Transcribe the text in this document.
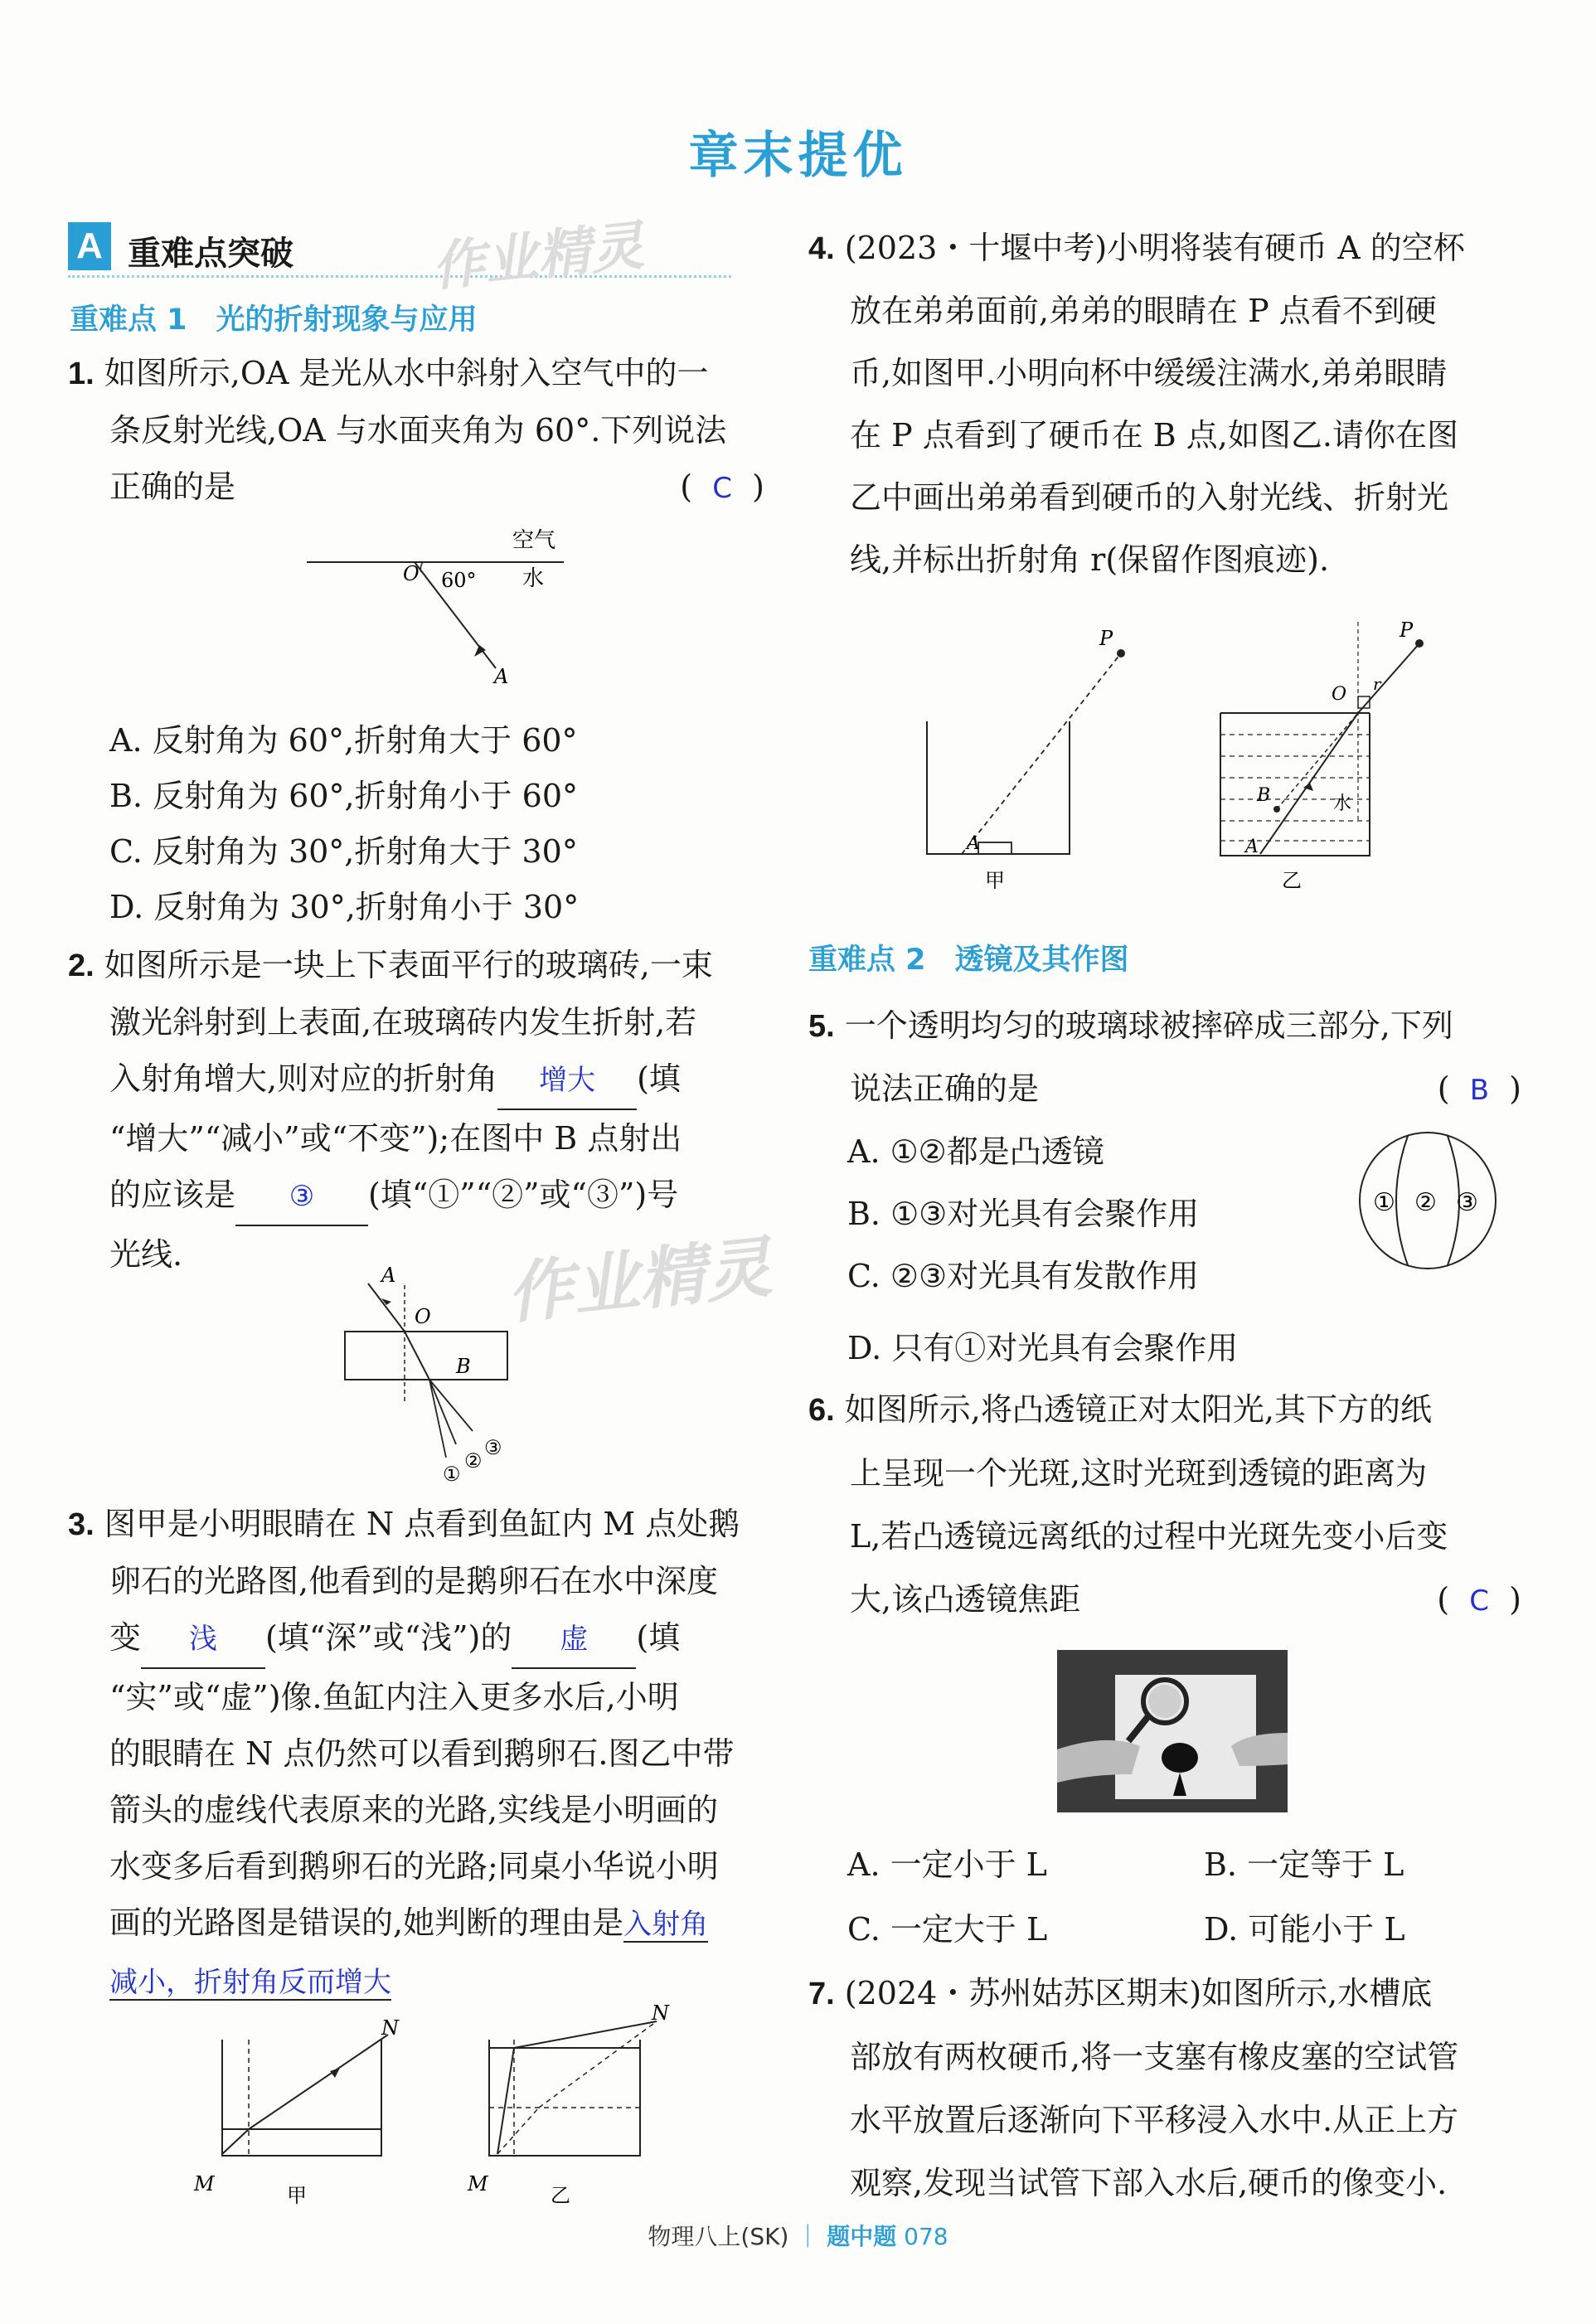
章末提优
A 重难点突破	作业精灵
重难点 1　光的折射现象与应用
1. 如图所示,OA 是光从水中斜射入空气中的一
条反射光线,OA 与水面夹角为 60°.下列说法
正确的是	(  C  )
空气
水
O 60°
A
A. 反射角为 60°,折射角大于 60°
B. 反射角为 60°,折射角小于 60°
C. 反射角为 30°,折射角大于 30°
D. 反射角为 30°,折射角小于 30°
2. 如图所示是一块上下表面平行的玻璃砖,一束
激光斜射到上表面,在玻璃砖内发生折射,若
入射角增大,则对应的折射角 增大 (填
“增大”“减小”或“不变”);在图中 B 点射出
的应该是 ③ (填“①”“②”或“③”)号
光线.	作业精灵
A
O
B
①
②
③
3. 图甲是小明眼睛在 N 点看到鱼缸内 M 点处鹅
卵石的光路图,他看到的是鹅卵石在水中深度
变 浅 (填“深”或“浅”)的 虚 (填
“实”或“虚”)像.鱼缸内注入更多水后,小明
的眼睛在 N 点仍然可以看到鹅卵石.图乙中带
箭头的虚线代表原来的光路,实线是小明画的
水变多后看到鹅卵石的光路;同桌小华说小明
画的光路图是错误的,她判断的理由是入射角
减小，折射角反而增大
N
M	甲
N
M	乙
4. (2023・十堰中考)小明将装有硬币 A 的空杯
放在弟弟面前,弟弟的眼睛在 P 点看不到硬
币,如图甲.小明向杯中缓缓注满水,弟弟眼睛
在 P 点看到了硬币在 B 点,如图乙.请你在图
乙中画出弟弟看到硬币的入射光线、折射光
线,并标出折射角 r(保留作图痕迹).
P
A
甲
P
O r
B	水
A
乙
重难点 2　透镜及其作图
5. 一个透明均匀的玻璃球被摔碎成三部分,下列
说法正确的是	(  B  )
A. ①②都是凸透镜
B. ①③对光具有会聚作用
C. ②③对光具有发散作用
D. 只有①对光具有会聚作用
① ② ③
6. 如图所示,将凸透镜正对太阳光,其下方的纸
上呈现一个光斑,这时光斑到透镜的距离为
L,若凸透镜远离纸的过程中光斑先变小后变
大,该凸透镜焦距	(  C  )
A. 一定小于 L	B. 一定等于 L
C. 一定大于 L	D. 可能小于 L
7. (2024・苏州姑苏区期末)如图所示,水槽底
部放有两枚硬币,将一支塞有橡皮塞的空试管
水平放置后逐渐向下平移浸入水中.从正上方
观察,发现当试管下部入水后,硬币的像变小.
物理八上(SK) ｜ 题中题 078
